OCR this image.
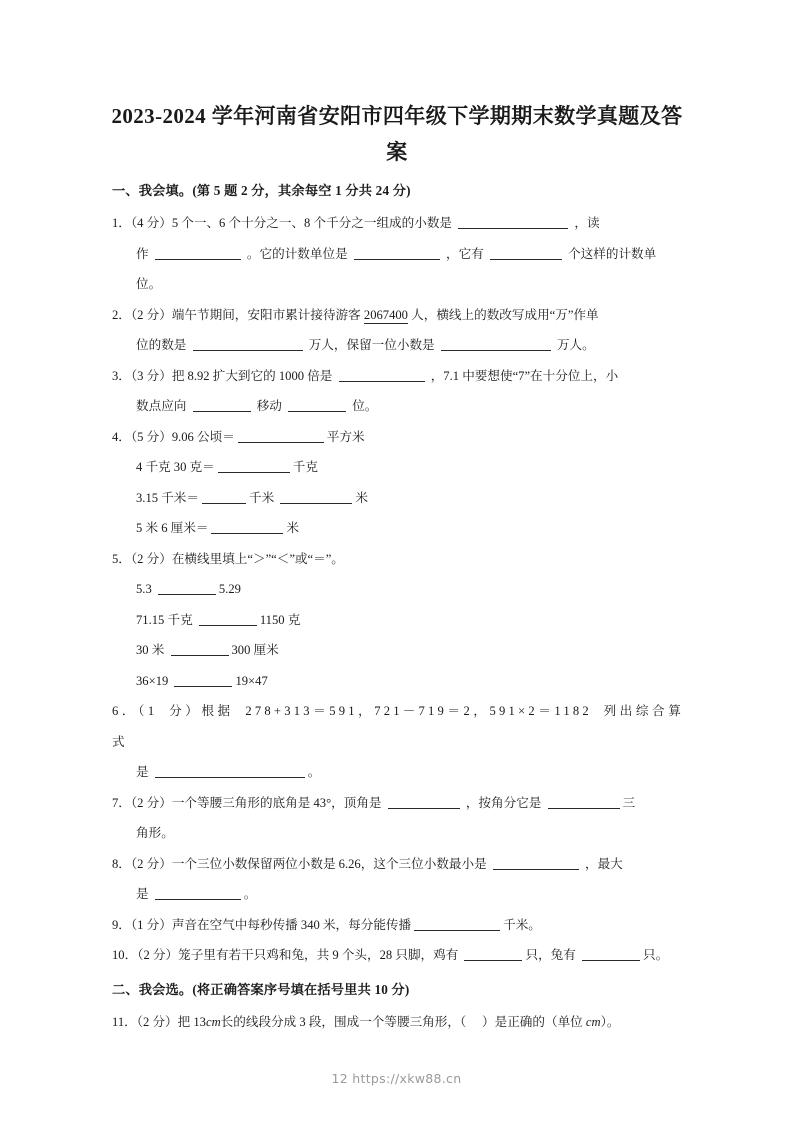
2023-2024 学年河南省安阳市四年级下学期期末数学真题及答案
一、我会填。(第 5 题 2 分，其余每空 1 分共 24 分)
1．（4 分）5 个一、6 个十分之一、8 个千分之一组成的小数是	，读
作	。它的计数单位是	，它有	个这样的计数单
位。
2．（2 分）端午节期间，安阳市累计接待游客 2067400 人，横线上的数改写成用“万”作单
位的数是	万人，保留一位小数是	万人。
3．（3 分）把 8.92 扩大到它的 1000 倍是	，7.1 中要想使“7”在十分位上，小
数点应向	移动	位。
4．（5 分）9.06 公顷＝	平方米
4 千克 30 克＝	千克
3.15 千米＝	千米	米
5 米 6 厘米＝	米
5．（2 分）在横线里填上“＞”“＜”或“＝”。
5.3	5.29
71.15 千克	1150 克
30 米	300 厘米
36×19	19×47
6．（1 分）根据 278+313＝591，721－719＝2，591×2＝1182 列出综合算式
是	。
7．（2 分）一个等腰三角形的底角是 43°，顶角是	，按角分它是	三
角形。
8．（2 分）一个三位小数保留两位小数是 6.26，这个三位小数最小是	，最大
是	。
9．（1 分）声音在空气中每秒传播 340 米，每分能传播	千米。
10．（2 分）笼子里有若干只鸡和兔，共 9 个头，28 只脚，鸡有	只，兔有	只。
二、我会选。(将正确答案序号填在括号里共 10 分)
11．（2 分）把 13cm长的线段分成 3 段，围成一个等腰三角形，（ ）是正确的（单位 cm）。
12 https://xkw88.cn
